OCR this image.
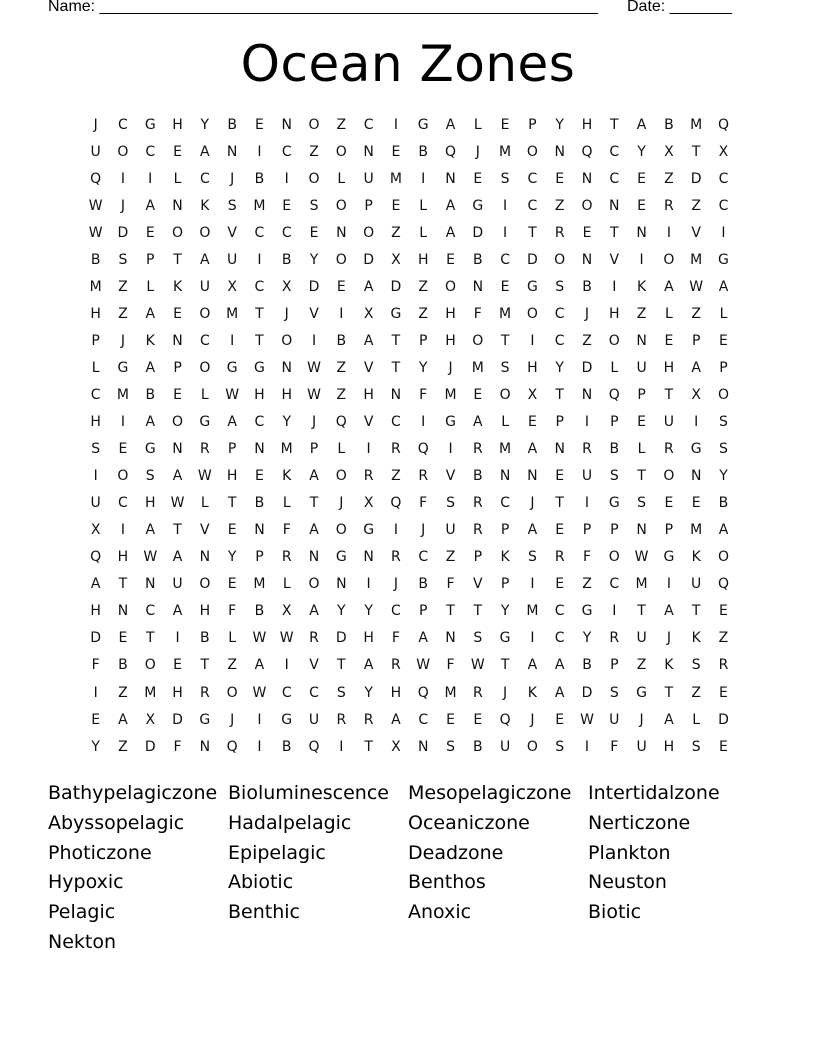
Name: ________________________________________________________ Date: _______
Ocean Zones
J	C	G	H	Y	B	E	N	O	Z	C	I	G	A	L	E	P	Y	H	T	A	B	M	Q
U	O	C	E	A	N	I	C	Z	O	N	E	B	Q	J	M	O	N	Q	C	Y	X	T	X
Q	I	I	L	C	J	B	I	O	L	U	M	I	N	E	S	C	E	N	C	E	Z	D	C
W	J	A	N	K	S	M	E	S	O	P	E	L	A	G	I	C	Z	O	N	E	R	Z	C
W	D	E	O	O	V	C	C	E	N	O	Z	L	A	D	I	T	R	E	T	N	I	V	I
B	S	P	T	A	U	I	B	Y	O	D	X	H	E	B	C	D	O	N	V	I	O	M	G
M	Z	L	K	U	X	C	X	D	E	A	D	Z	O	N	E	G	S	B	I	K	A	W	A
H	Z	A	E	O	M	T	J	V	I	X	G	Z	H	F	M	O	C	J	H	Z	L	Z	L
P	J	K	N	C	I	T	O	I	B	A	T	P	H	O	T	I	C	Z	O	N	E	P	E
L	G	A	P	O	G	G	N	W	Z	V	T	Y	J	M	S	H	Y	D	L	U	H	A	P
C	M	B	E	L	W	H	H	W	Z	H	N	F	M	E	O	X	T	N	Q	P	T	X	O
H	I	A	O	G	A	C	Y	J	Q	V	C	I	G	A	L	E	P	I	P	E	U	I	S
S	E	G	N	R	P	N	M	P	L	I	R	Q	I	R	M	A	N	R	B	L	R	G	S
I	O	S	A	W	H	E	K	A	O	R	Z	R	V	B	N	N	E	U	S	T	O	N	Y
U	C	H	W	L	T	B	L	T	J	X	Q	F	S	R	C	J	T	I	G	S	E	E	B
X	I	A	T	V	E	N	F	A	O	G	I	J	U	R	P	A	E	P	P	N	P	M	A
Q	H	W	A	N	Y	P	R	N	G	N	R	C	Z	P	K	S	R	F	O	W	G	K	O
A	T	N	U	O	E	M	L	O	N	I	J	B	F	V	P	I	E	Z	C	M	I	U	Q
H	N	C	A	H	F	B	X	A	Y	Y	C	P	T	T	Y	M	C	G	I	T	A	T	E
D	E	T	I	B	L	W W	R	D	H	F	A	N	S	G	I	C	Y	R	U	J	K	Z
F	B	O	E	T	Z	A	I	V	T	A	R	W	F	W	T	A	A	B	P	Z	K	S	R
I	Z	M	H	R	O	W	C	C	S	Y	H	Q	M	R	J	K	A	D	S	G	T	Z	E
E	A	X	D	G	J	I	G	U	R	R	A	C	E	E	Q	J	E	W	U	J	A	L	D
Y	Z	D	F	N	Q	I	B	Q	I	T	X	N	S	B	U	O	S	I	F	U	H	S	E
Bathypelagiczone Bioluminescence	Mesopelagiczone Intertidalzone
Abyssopelagic	Hadalpelagic	Oceaniczone	Nerticzone
Photiczone	Epipelagic	Deadzone	Plankton
Hypoxic	Abiotic	Benthos	Neuston
Pelagic	Benthic	Anoxic	Biotic
Nekton
